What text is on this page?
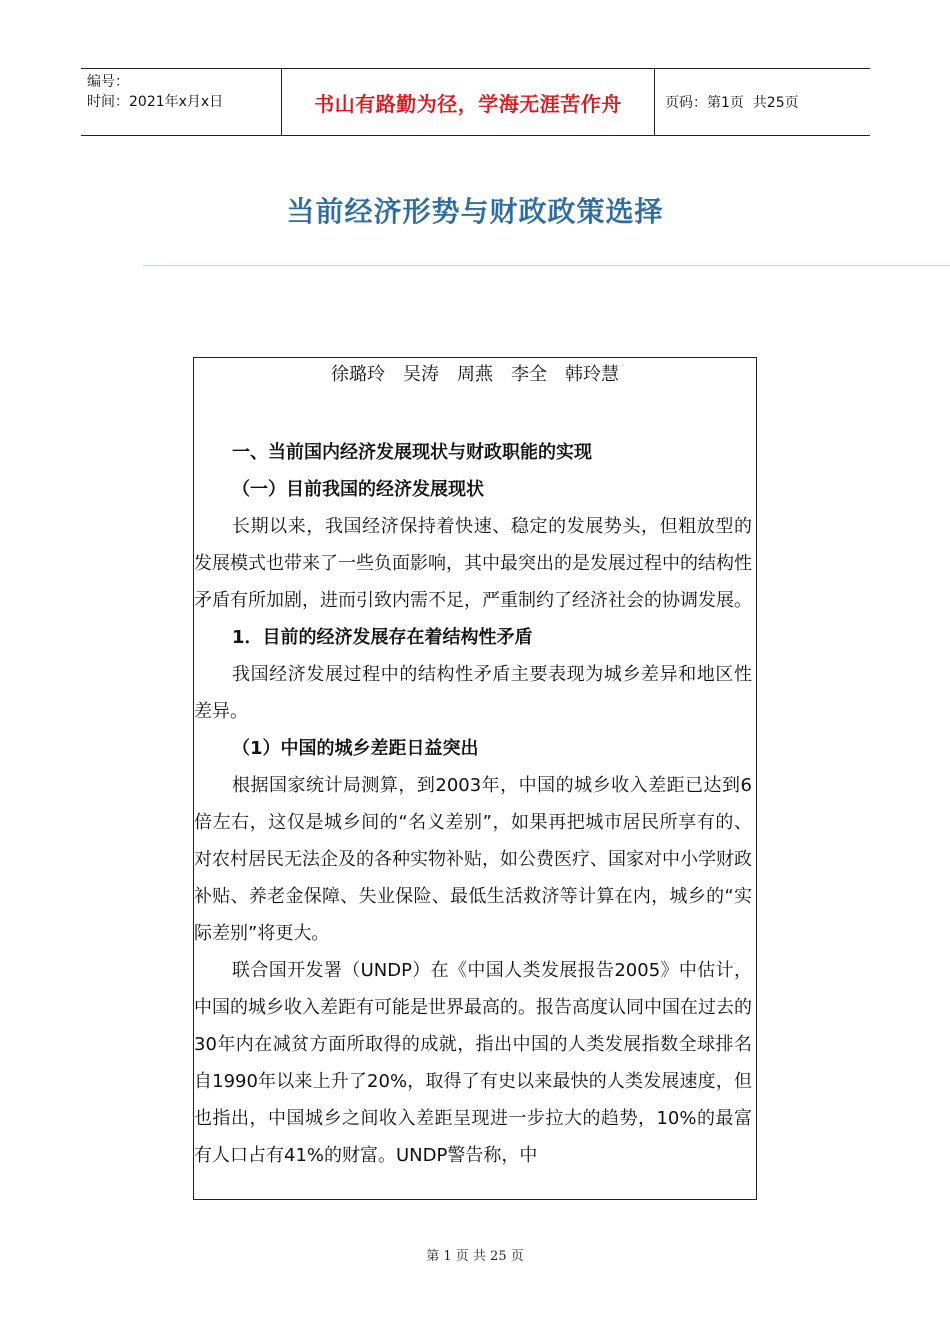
编号：
时间：2021年x月x日	书山有路勤为径，学海无涯苦作舟	页码：第1页  共25页
当前经济形势与财政政策选择
徐璐玲 吴涛 周燕 李全 韩玲慧
一、当前国内经济发展现状与财政职能的实现
（一）目前我国的经济发展现状

长期以来，我国经济保持着快速、稳定的发展势头，但粗放型的发展模式也带来了一些负面影响，其中最突出的是发展过程中的结构性矛盾有所加剧，进而引致内需不足，严重制约了经济社会的协调发展。

1．目前的经济发展存在着结构性矛盾

我国经济发展过程中的结构性矛盾主要表现为城乡差异和地区性差异。

（1）中国的城乡差距日益突出

根据国家统计局测算，到2003年，中国的城乡收入差距已达到6倍左右，这仅是城乡间的“名义差别”，如果再把城市居民所享有的、对农村居民无法企及的各种实物补贴，如公费医疗、国家对中小学财政补贴、养老金保障、失业保险、最低生活救济等计算在内，城乡的“实际差别”将更大。

联合国开发署（UNDP）在《中国人类发展报告2005》中估计，中国的城乡收入差距有可能是世界最高的。报告高度认同中国在过去的30年内在减贫方面所取得的成就，指出中国的人类发展指数全球排名自1990年以来上升了20%，取得了有史以来最快的人类发展速度，但也指出，中国城乡之间收入差距呈现进一步拉大的趋势，10%的最富有人口占有41%的财富。UNDP警告称，中

第 1 页 共 25 页
